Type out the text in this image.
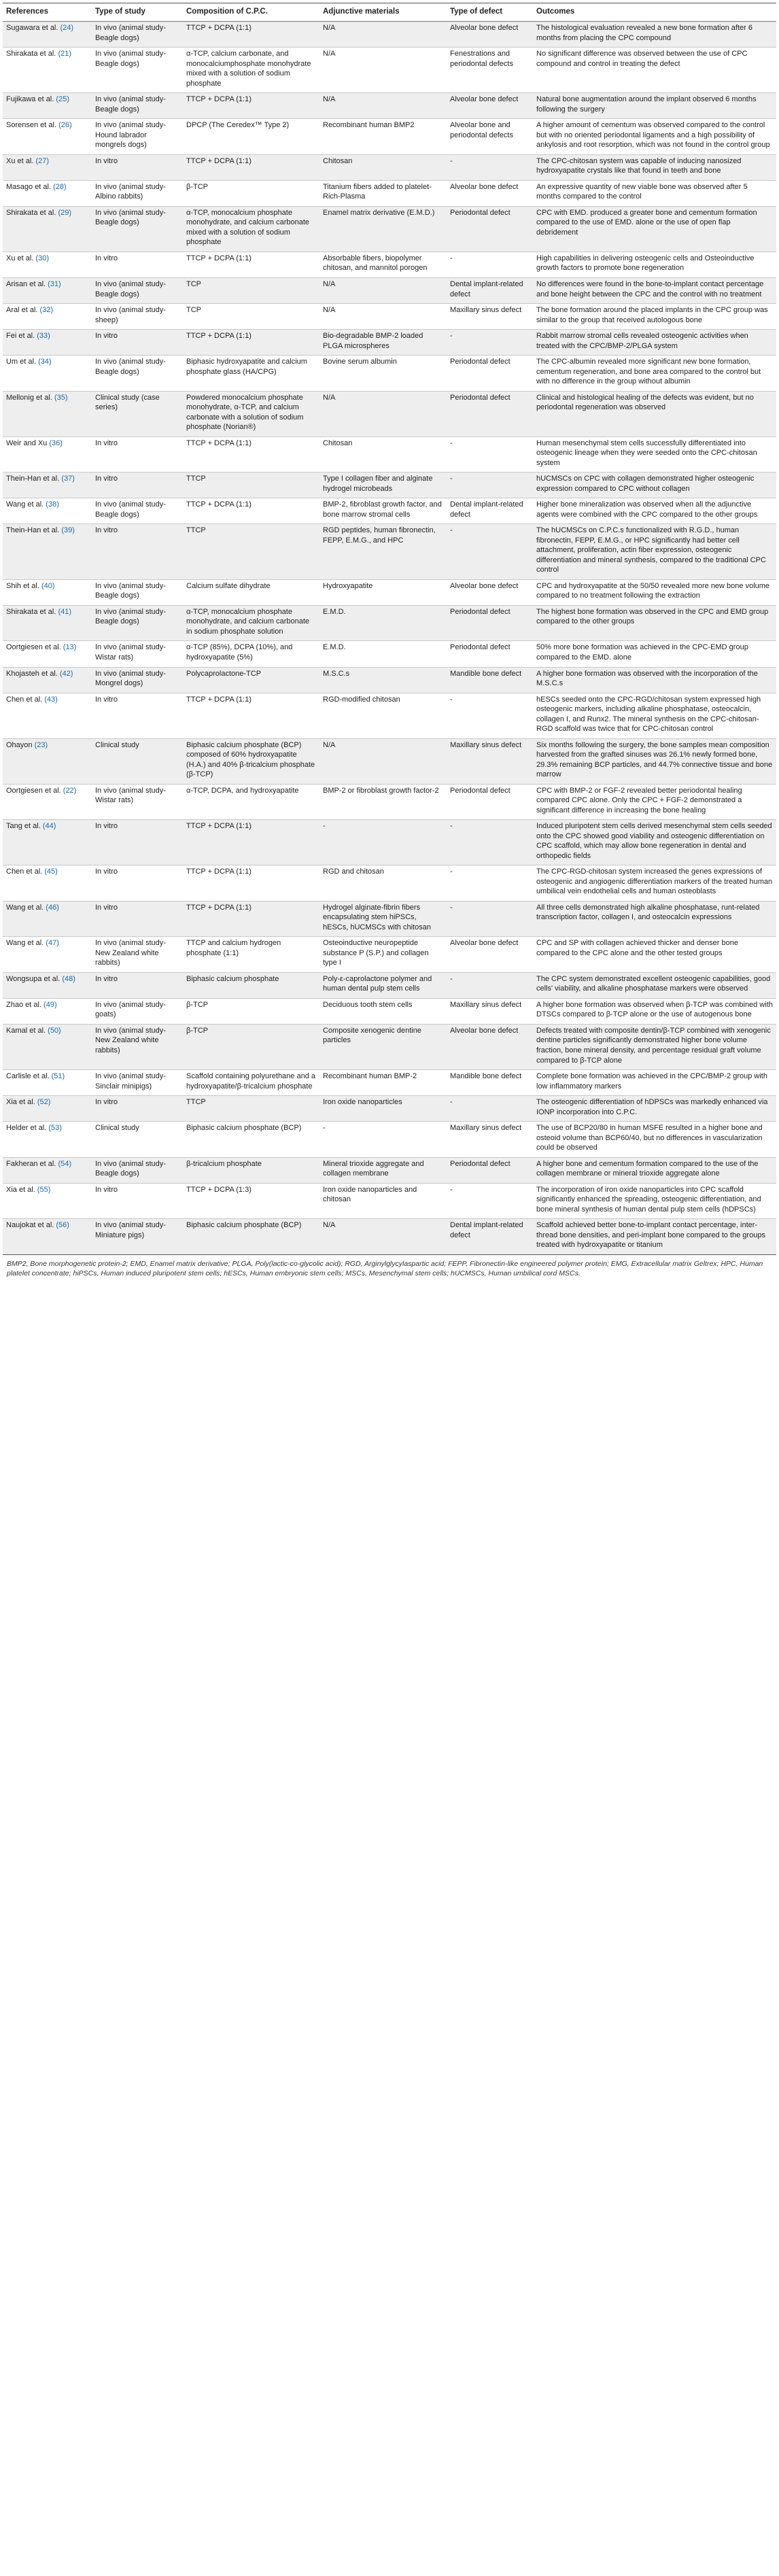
References	Type of study	Composition of C.P.C.	Adjunctive materials	Type of defect	Outcomes
Sugawara et al. (24)	In vivo (animal study-Beagle dogs)	TTCP + DCPA (1:1)	N/A	Alveolar bone defect	The histological evaluation revealed a new bone formation after 6 months from placing the CPC compound
Shirakata et al. (21)	In vivo (animal study-Beagle dogs)	α-TCP, calcium carbonate, and monocalciumphosphate monohydrate mixed with a solution of sodium phosphate	N/A	Fenestrations and periodontal defects	No significant difference was observed between the use of CPC compound and control in treating the defect
Fujikawa et al. (25)	In vivo (animal study-Beagle dogs)	TTCP + DCPA (1:1)	N/A	Alveolar bone defect	Natural bone augmentation around the implant observed 6 months following the surgery
Sorensen et al. (26)	In vivo (animal study-Hound labrador mongrels dogs)	DPCP (The Ceredex™ Type 2)	Recombinant human BMP2	Alveolar bone and periodontal defects	A higher amount of cementum was observed compared to the control but with no oriented periodontal ligaments and a high possibility of ankylosis and root resorption, which was not found in the control group
Xu et al. (27)	In vitro	TTCP + DCPA (1:1)	Chitosan	-	The CPC-chitosan system was capable of inducing nanosized hydroxyapatite crystals like that found in teeth and bone
Masago et al. (28)	In vivo (animal study-Albino rabbits)	β-TCP	Titanium fibers added to platelet-Rich-Plasma	Alveolar bone defect	An expressive quantity of new viable bone was observed after 5 months compared to the control
Shirakata et al. (29)	In vivo (animal study-Beagle dogs)	α-TCP, monocalcium phosphate monohydrate, and calcium carbonate mixed with a solution of sodium phosphate	Enamel matrix derivative (E.M.D.)	Periodontal defect	CPC with EMD. produced a greater bone and cementum formation compared to the use of EMD. alone or the use of open flap debridement
Xu et al. (30)	In vitro	TTCP + DCPA (1:1)	Absorbable fibers, biopolymer chitosan, and mannitol porogen	-	High capabilities in delivering osteogenic cells and Osteoinductive growth factors to promote bone regeneration
Arisan et al. (31)	In vivo (animal study-Beagle dogs)	TCP	N/A	Dental implant-related defect	No differences were found in the bone-to-implant contact percentage and bone height between the CPC and the control with no treatment
Aral et al. (32)	In vivo (animal study-sheep)	TCP	N/A	Maxillary sinus defect	The bone formation around the placed implants in the CPC group was similar to the group that received autologous bone
Fei et al. (33)	In vitro	TTCP + DCPA (1:1)	Bio-degradable BMP-2 loaded PLGA microspheres	-	Rabbit marrow stromal cells revealed osteogenic activities when treated with the CPC/BMP-2/PLGA system
Um et al. (34)	In vivo (animal study-Beagle dogs)	Biphasic hydroxyapatite and calcium phosphate glass (HA/CPG)	Bovine serum albumin	Periodontal defect	The CPC-albumin revealed more significant new bone formation, cementum regeneration, and bone area compared to the control but with no difference in the group without albumin
Mellonig et al. (35)	Clinical study (case series)	Powdered monocalcium phosphate monohydrate, α-TCP, and calcium carbonate with a solution of sodium phosphate (Norian®)	N/A	Periodontal defect	Clinical and histological healing of the defects was evident, but no periodontal regeneration was observed
Weir and Xu (36)	In vitro	TTCP + DCPA (1:1)	Chitosan	-	Human mesenchymal stem cells successfully differentiated into osteogenic lineage when they were seeded onto the CPC-chitosan system
Thein-Han et al. (37)	In vitro	TTCP	Type I collagen fiber and alginate hydrogel microbeads	-	hUCMSCs on CPC with collagen demonstrated higher osteogenic expression compared to CPC without collagen
Wang et al. (38)	In vivo (animal study-Beagle dogs)	TTCP + DCPA (1:1)	BMP-2, fibroblast growth factor, and bone marrow stromal cells	Dental implant-related defect	Higher bone mineralization was observed when all the adjunctive agents were combined with the CPC compared to the other groups
Thein-Han et al. (39)	In vitro	TTCP	RGD peptides, human fibronectin, FEPP, E.M.G., and HPC	-	The hUCMSCs on C.P.C.s functionalized with R.G.D., human fibronectin, FEPP, E.M.G., or HPC significantly had better cell attachment, proliferation, actin fiber expression, osteogenic differentiation and mineral synthesis, compared to the traditional CPC control
Shih et al. (40)	In vivo (animal study-Beagle dogs)	Calcium sulfate dihydrate	Hydroxyapatite	Alveolar bone defect	CPC and hydroxyapatite at the 50/50 revealed more new bone volume compared to no treatment following the extraction
Shirakata et al. (41)	In vivo (animal study-Beagle dogs)	α-TCP, monocalcium phosphate monohydrate, and calcium carbonate in sodium phosphate solution	E.M.D.	Periodontal defect	The highest bone formation was observed in the CPC and EMD group compared to the other groups
Oortgiesen et al. (13)	In vivo (animal study-Wistar rats)	α-TCP (85%), DCPA (10%), and hydroxyapatite (5%)	E.M.D.	Periodontal defect	50% more bone formation was achieved in the CPC-EMD group compared to the EMD. alone
Khojasteh et al. (42)	In vivo (animal study-Mongrel dogs)	Polycaprolactone-TCP	M.S.C.s	Mandible bone defect	A higher bone formation was observed with the incorporation of the M.S.C.s
Chen et al. (43)	In vitro	TTCP + DCPA (1:1)	RGD-modified chitosan	-	hESCs seeded onto the CPC-RGD/chitosan system expressed high osteogenic markers, including alkaline phosphatase, osteocalcin, collagen I, and Runx2. The mineral synthesis on the CPC-chitosan-RGD scaffold was twice that for CPC-chitosan control
Ohayon (23)	Clinical study	Biphasic calcium phosphate (BCP) composed of 60% hydroxyapatite (H.A.) and 40% β-tricalcium phosphate (β-TCP)	N/A	Maxillary sinus defect	Six months following the surgery, the bone samples mean composition harvested from the grafted sinuses was 26.1% newly formed bone, 29.3% remaining BCP particles, and 44.7% connective tissue and bone marrow
Oortgiesen et al. (22)	In vivo (animal study-Wistar rats)	α-TCP, DCPA, and hydroxyapatite	BMP-2 or fibroblast growth factor-2	Periodontal defect	CPC with BMP-2 or FGF-2 revealed better periodontal healing compared CPC alone. Only the CPC + FGF-2 demonstrated a significant difference in increasing the bone healing
Tang et al. (44)	In vitro	TTCP + DCPA (1:1)	-	-	Induced pluripotent stem cells derived mesenchymal stem cells seeded onto the CPC showed good viability and osteogenic differentiation on CPC scaffold, which may allow bone regeneration in dental and orthopedic fields
Chen et al. (45)	In vitro	TTCP + DCPA (1:1)	RGD and chitosan	-	The CPC-RGD-chitosan system increased the genes expressions of osteogenic and angiogenic differentiation markers of the treated human umbilical vein endothelial cells and human osteoblasts
Wang et al. (46)	In vitro	TTCP + DCPA (1:1)	Hydrogel alginate-fibrin fibers encapsulating stem hiPSCs, hESCs, hUCMSCs with chitosan	-	All three cells demonstrated high alkaline phosphatase, runt-related transcription factor, collagen I, and osteocalcin expressions
Wang et al. (47)	In vivo (animal study-New Zealand white rabbits)	TTCP and calcium hydrogen phosphate (1:1)	Osteoinductive neuropeptide substance P (S.P.) and collagen type I	Alveolar bone defect	CPC and SP with collagen achieved thicker and denser bone compared to the CPC alone and the other tested groups
Wongsupa et al. (48)	In vitro	Biphasic calcium phosphate	Poly-ε-caprolactone polymer and human dental pulp stem cells	-	The CPC system demonstrated excellent osteogenic capabilities, good cells' viability, and alkaline phosphatase markers were observed
Zhao et al. (49)	In vivo (animal study-goats)	β-TCP	Deciduous tooth stem cells	Maxillary sinus defect	A higher bone formation was observed when β-TCP was combined with DTSCs compared to β-TCP alone or the use of autogenous bone
Kamal et al. (50)	In vivo (animal study-New Zealand white rabbits)	β-TCP	Composite xenogenic dentine particles	Alveolar bone defect	Defects treated with composite dentin/β-TCP combined with xenogenic dentine particles significantly demonstrated higher bone volume fraction, bone mineral density, and percentage residual graft volume compared to β-TCP alone
Carlisle et al. (51)	In vivo (animal study-Sinclair minipigs)	Scaffold containing polyurethane and a hydroxyapatite/β-tricalcium phosphate	Recombinant human BMP-2	Mandible bone defect	Complete bone formation was achieved in the CPC/BMP-2 group with low inflammatory markers
Xia et al. (52)	In vitro	TTCP	Iron oxide nanoparticles	-	The osteogenic differentiation of hDPSCs was markedly enhanced via IONP incorporation into C.P.C.
Helder et al. (53)	Clinical study	Biphasic calcium phosphate (BCP)	-	Maxillary sinus defect	The use of BCP20/80 in human MSFE resulted in a higher bone and osteoid volume than BCP60/40, but no differences in vascularization could be observed
Fakheran et al. (54)	In vivo (animal study-Beagle dogs)	β-tricalcium phosphate	Mineral trioxide aggregate and collagen membrane	Periodontal defect	A higher bone and cementum formation compared to the use of the collagen membrane or mineral trioxide aggregate alone
Xia et al. (55)	In vitro	TTCP + DCPA (1:3)	Iron oxide nanoparticles and chitosan	-	The incorporation of iron oxide nanoparticles into CPC scaffold significantly enhanced the spreading, osteogenic differentiation, and bone mineral synthesis of human dental pulp stem cells (hDPSCs)
Naujokat et al. (56)	In vivo (animal study-Miniature pigs)	Biphasic calcium phosphate (BCP)	N/A	Dental implant-related defect	Scaffold achieved better bone-to-implant contact percentage, inter-thread bone densities, and peri-implant bone compared to the groups treated with hydroxyapatite or titanium
BMP2, Bone morphogenetic protein-2; EMD, Enamel matrix derivative; PLGA, Poly(lactic-co-glycolic acid); RGD, Arginylglycylaspartic acid; FEPP, Fibronectin-like engineered polymer protein; EMG, Extracellular matrix Geltrex; HPC, Human platelet concentrate; hiPSCs, Human induced pluripotent stem cells; hESCs, Human embryonic stem cells; MSCs, Mesenchymal stem cells; hUCMSCs, Human umbilical cord MSCs.
